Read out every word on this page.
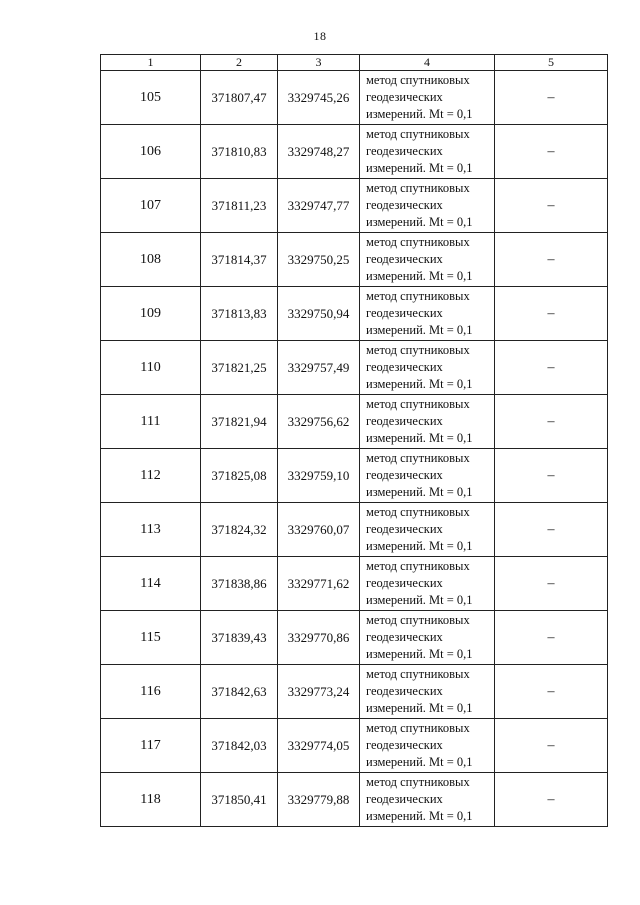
18
1	2	3	4	5
105	371807,47	3329745,26	метод спутниковых
геодезических
измерений. Mt = 0,1	–
106	371810,83	3329748,27	метод спутниковых
геодезических
измерений. Mt = 0,1	–
107	371811,23	3329747,77	метод спутниковых
геодезических
измерений. Mt = 0,1	–
108	371814,37	3329750,25	метод спутниковых
геодезических
измерений. Mt = 0,1	–
109	371813,83	3329750,94	метод спутниковых
геодезических
измерений. Mt = 0,1	–
110	371821,25	3329757,49	метод спутниковых
геодезических
измерений. Mt = 0,1	–
111	371821,94	3329756,62	метод спутниковых
геодезических
измерений. Mt = 0,1	–
112	371825,08	3329759,10	метод спутниковых
геодезических
измерений. Mt = 0,1	–
113	371824,32	3329760,07	метод спутниковых
геодезических
измерений. Mt = 0,1	–
114	371838,86	3329771,62	метод спутниковых
геодезических
измерений. Mt = 0,1	–
115	371839,43	3329770,86	метод спутниковых
геодезических
измерений. Mt = 0,1	–
116	371842,63	3329773,24	метод спутниковых
геодезических
измерений. Mt = 0,1	–
117	371842,03	3329774,05	метод спутниковых
геодезических
измерений. Mt = 0,1	–
118	371850,41	3329779,88	метод спутниковых
геодезических
измерений. Mt = 0,1	–
